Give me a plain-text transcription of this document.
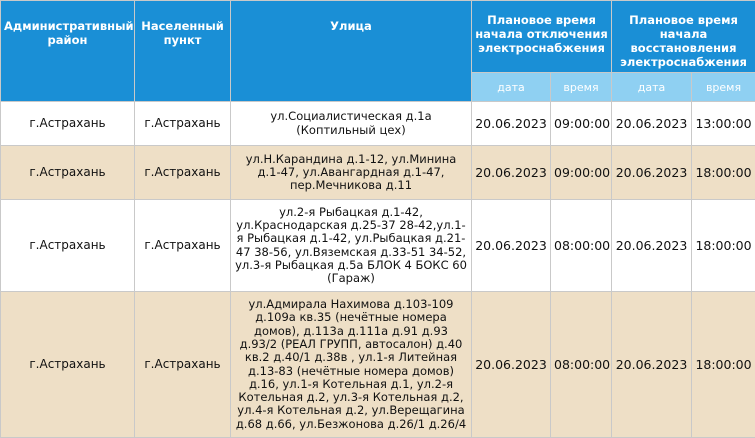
Административный район	Населенный пункт	Улица	Плановое время начала отключения электроснабжения		Плановое время начала восстановления электроснабжения	
			дата	время	дата	время
г.Астрахань	г.Астрахань	ул.Социалистическая д.1а (Коптильный цех)	20.06.2023	09:00:00	20.06.2023	13:00:00
г.Астрахань	г.Астрахань	ул.Н.Карандина д.1-12, ул.Минина д.1-47, ул.Авангардная д.1-47, пер.Мечникова д.11	20.06.2023	09:00:00	20.06.2023	18:00:00
г.Астрахань	г.Астрахань	ул.2-я Рыбацкая д.1-42, ул.Краснодарская д.25-37 28-42,ул.1-я Рыбацкая д.1-42, ул.Рыбацкая д.21-47 38-56, ул.Вяземская д.33-51 34-52, ул.3-я Рыбацкая д.5а БЛОК 4 БОКС 60 (Гараж)	20.06.2023	08:00:00	20.06.2023	18:00:00
г.Астрахань	г.Астрахань	ул.Адмирала Нахимова д.103-109 д.109а кв.35 (нечётные номера домов), д.113а д.111а д.91 д.93 д.93/2 (РЕАЛ ГРУПП, автосалон) д.40 кв.2 д.40/1 д.38в , ул.1-я Литейная д.13-83 (нечётные номера домов) д.16, ул.1-я Котельная д.1, ул.2-я Котельная д.2, ул.3-я Котельная д.2, ул.4-я Котельная д.2, ул.Верещагина д.68 д.66, ул.Безжонова д.26/1 д.26/4	20.06.2023	08:00:00	20.06.2023	18:00:00
